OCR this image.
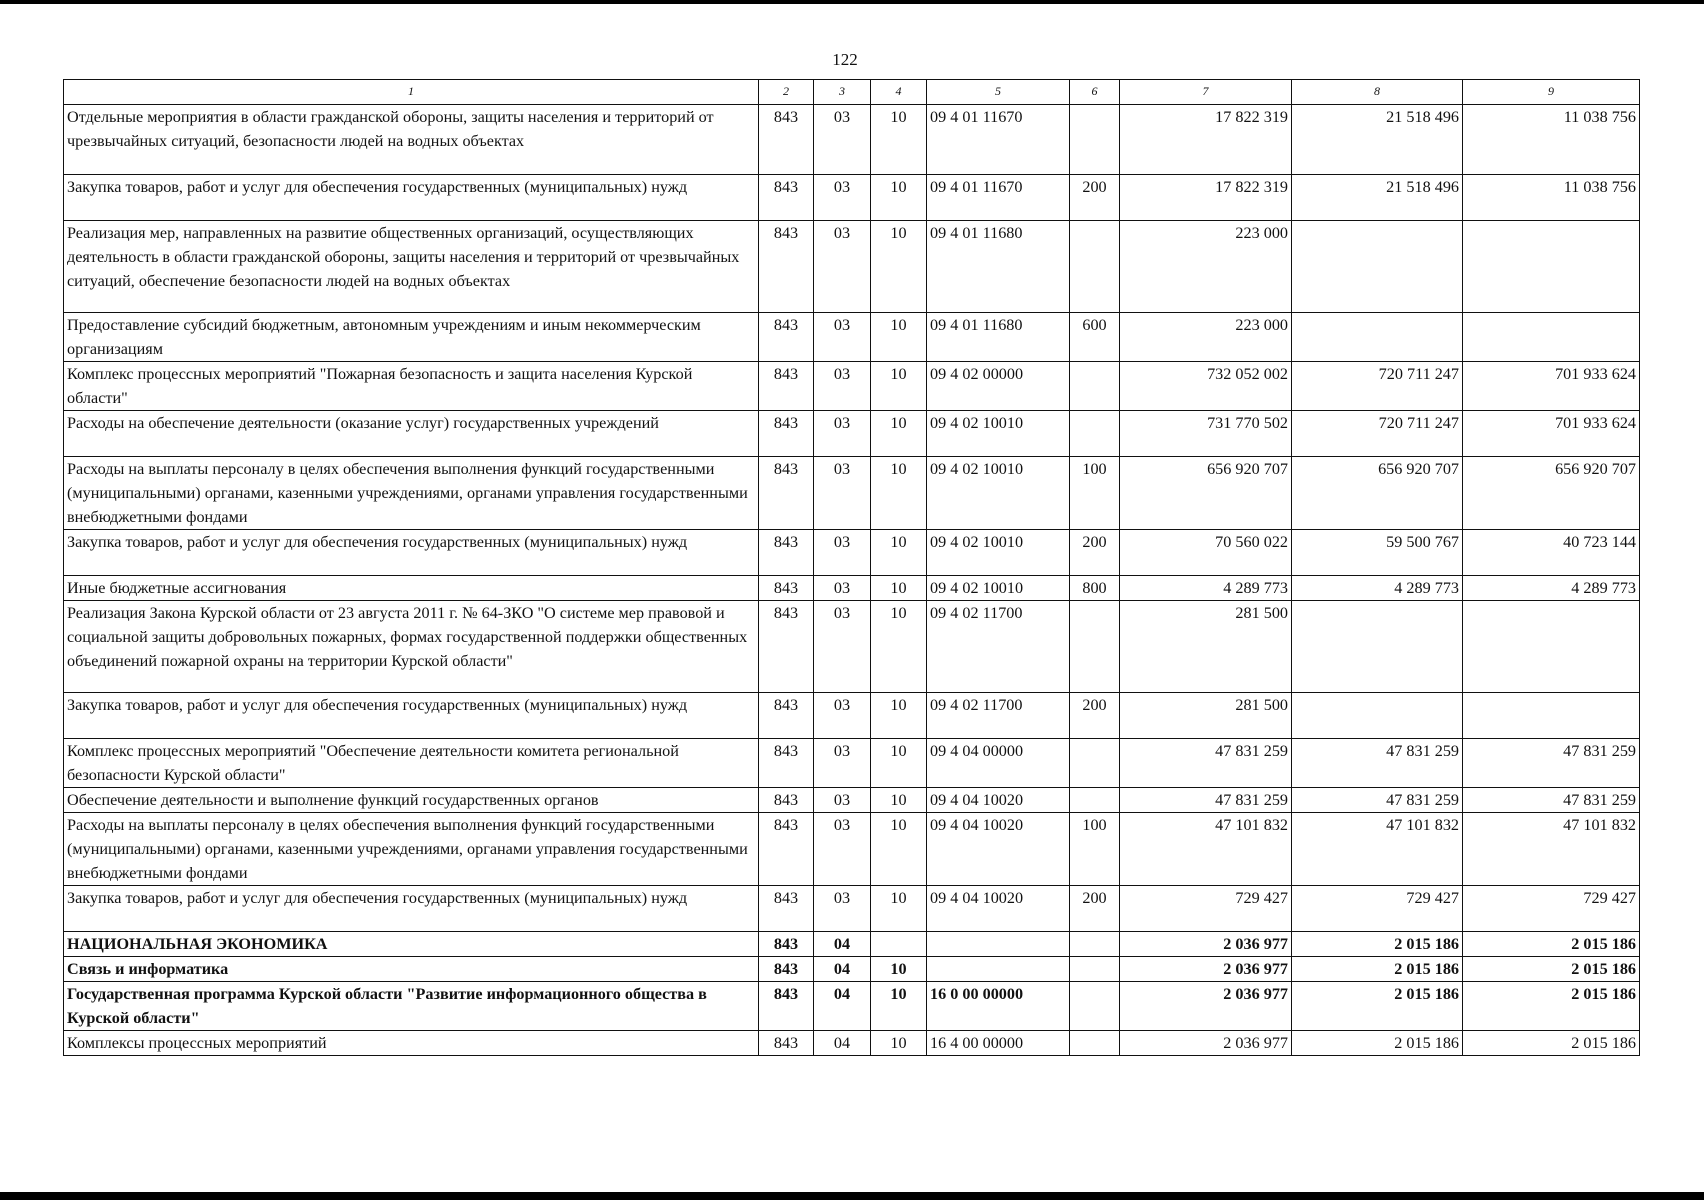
122
1	2	3	4	5	6	7	8	9
Отдельные мероприятия в области гражданской обороны, защиты населения и территорий от чрезвычайных ситуаций, безопасности людей на водных объектах	843	03	10	09 4 01 11670		17 822 319	21 518 496	11 038 756
Закупка товаров, работ и услуг для обеспечения государственных (муниципальных) нужд	843	03	10	09 4 01 11670	200	17 822 319	21 518 496	11 038 756
Реализация мер, направленных на развитие общественных организаций, осуществляющих деятельность в области гражданской обороны, защиты населения и территорий от чрезвычайных ситуаций, обеспечение безопасности людей на водных объектах	843	03	10	09 4 01 11680		223 000		
Предоставление субсидий бюджетным, автономным учреждениям и иным некоммерческим организациям	843	03	10	09 4 01 11680	600	223 000		
Комплекс процессных мероприятий "Пожарная безопасность и защита населения Курской области"	843	03	10	09 4 02 00000		732 052 002	720 711 247	701 933 624
Расходы на обеспечение деятельности (оказание услуг) государственных учреждений	843	03	10	09 4 02 10010		731 770 502	720 711 247	701 933 624
Расходы на выплаты персоналу в целях обеспечения выполнения функций государственными (муниципальными) органами, казенными учреждениями, органами управления государственными внебюджетными фондами	843	03	10	09 4 02 10010	100	656 920 707	656 920 707	656 920 707
Закупка товаров, работ и услуг для обеспечения государственных (муниципальных) нужд	843	03	10	09 4 02 10010	200	70 560 022	59 500 767	40 723 144
Иные бюджетные ассигнования	843	03	10	09 4 02 10010	800	4 289 773	4 289 773	4 289 773
Реализация Закона Курской области от 23 августа 2011 г. № 64-ЗКО "О системе мер правовой и социальной защиты добровольных пожарных, формах государственной поддержки общественных объединений пожарной охраны на территории Курской области"	843	03	10	09 4 02 11700		281 500		
Закупка товаров, работ и услуг для обеспечения государственных (муниципальных) нужд	843	03	10	09 4 02 11700	200	281 500		
Комплекс процессных мероприятий "Обеспечение деятельности комитета региональной безопасности Курской области"	843	03	10	09 4 04 00000		47 831 259	47 831 259	47 831 259
Обеспечение деятельности и выполнение функций государственных органов	843	03	10	09 4 04 10020		47 831 259	47 831 259	47 831 259
Расходы на выплаты персоналу в целях обеспечения выполнения функций государственными (муниципальными) органами, казенными учреждениями, органами управления государственными внебюджетными фондами	843	03	10	09 4 04 10020	100	47 101 832	47 101 832	47 101 832
Закупка товаров, работ и услуг для обеспечения государственных (муниципальных) нужд	843	03	10	09 4 04 10020	200	729 427	729 427	729 427
НАЦИОНАЛЬНАЯ ЭКОНОМИКА	843	04				2 036 977	2 015 186	2 015 186
Связь и информатика	843	04	10			2 036 977	2 015 186	2 015 186
Государственная программа Курской области "Развитие информационного общества в Курской области"	843	04	10	16 0 00 00000		2 036 977	2 015 186	2 015 186
Комплексы процессных мероприятий	843	04	10	16 4 00 00000		2 036 977	2 015 186	2 015 186
